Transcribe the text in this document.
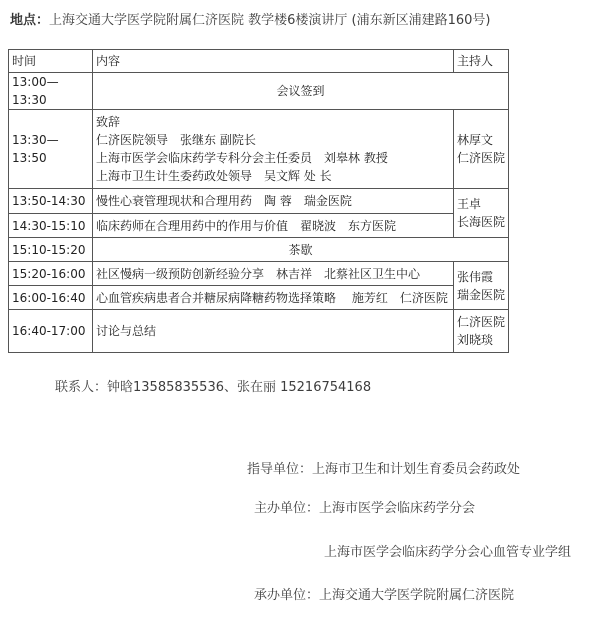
地点：上海交通大学医学院附属仁济医院 教学楼6楼演讲厅 (浦东新区浦建路160号)
时间	内容	主持人
13:00—13:30	会议签到	
13:30—13:50	致辞
仁济医院领导　张继东 副院长
上海市医学会临床药学专科分会主任委员　刘皋林 教授
上海市卫生计生委药政处领导　吴文辉 处 长	林厚文
仁济医院

13:50-14:30	慢性心衰管理现状和合理用药　陶 蓉　瑞金医院	王卓
长海医院

14:30-15:10	临床药师在合理用药中的作用与价值　翟晓波　东方医院	
15:10-15:20	茶歇	
15:20-16:00	社区慢病一级预防创新经验分享　林吉祥　北蔡社区卫生中心	张伟霞
瑞金医院

16:00-16:40	心血管疾病患者合并糖尿病降糖药物选择策略　 施芳红　仁济医院	
16:40-17:00	讨论与总结	仁济医院
刘晓琰
联系人：钟晗13585835536、张在丽 15216754168
指导单位：上海市卫生和计划生育委员会药政处
主办单位：上海市医学会临床药学分会
上海市医学会临床药学分会心血管专业学组
承办单位：上海交通大学医学院附属仁济医院
